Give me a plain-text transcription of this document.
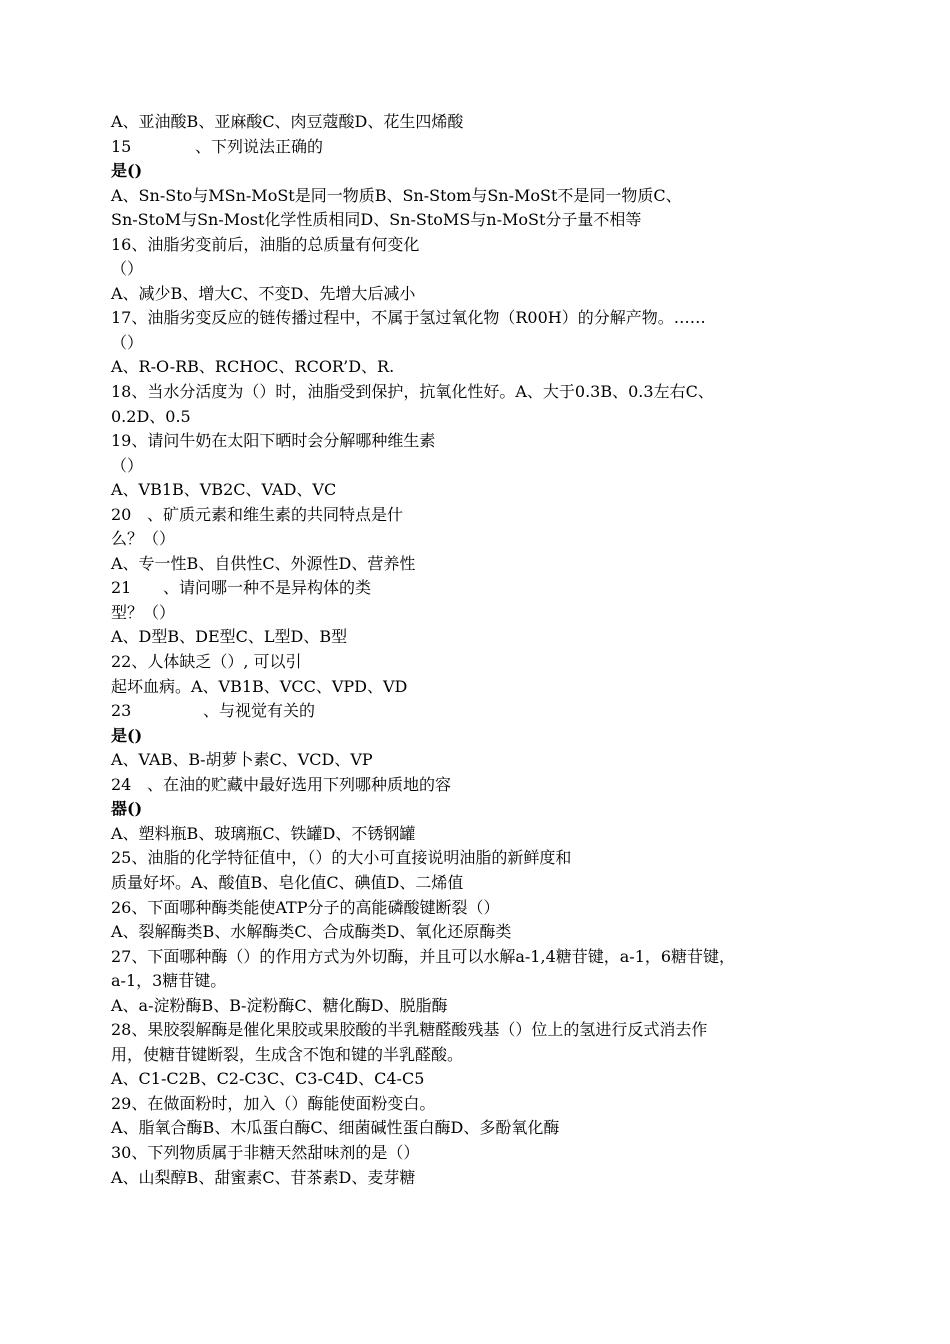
A、亚油酸B、亚麻酸C、肉豆蔻酸D、花生四烯酸
15	、下列说法正确的
是()
A、Sn-Sto与MSn-MoSt是同一物质B、Sn-Stom与Sn-MoSt不是同一物质C、
Sn-StoM与Sn-Most化学性质相同D、Sn-StoMS与n-MoSt分子量不相等
16、油脂劣变前后，油脂的总质量有何变化
（）
A、减少B、增大C、不变D、先增大后减小
17、油脂劣变反应的链传播过程中，不属于氢过氧化物（R00H）的分解产物。……
（）
A、R-O-RB、RCHOC、RCOR’D、R.
18、当水分活度为（）时，油脂受到保护，抗氧化性好。A、大于0.3B、0.3左右C、
0.2D、0.5
19、请问牛奶在太阳下晒时会分解哪种维生素
（）
A、VB1B、VB2C、VAD、VC
20 、矿质元素和维生素的共同特点是什
么？（）
A、专一性B、自供性C、外源性D、营养性
21 、请问哪一种不是异构体的类
型？（）
A、D型B、DE型C、L型D、B型
22、人体缺乏（）, 可以引
起坏血病。A、VB1B、VCC、VPD、VD
23	、与视觉有关的
是()
A、VAB、Β-胡萝卜素C、VCD、VP
24 、在油的贮藏中最好选用下列哪种质地的容
器()
A、塑料瓶B、玻璃瓶C、铁罐D、不锈钢罐
25、油脂的化学特征值中，（）的大小可直接说明油脂的新鲜度和
质量好坏。A、酸值B、皂化值C、碘值D、二烯值
26、下面哪种酶类能使ATP分子的高能磷酸键断裂（）
A、裂解酶类B、水解酶类C、合成酶类D、氧化还原酶类
27、下面哪种酶（）的作用方式为外切酶，并且可以水解a-1,4糖苷键，a-1，6糖苷键，
a-1，3糖苷键。
A、a-淀粉酶B、Β-淀粉酶C、糖化酶D、脱脂酶
28、果胶裂解酶是催化果胶或果胶酸的半乳糖醛酸残基（）位上的氢进行反式消去作
用，使糖苷键断裂，生成含不饱和键的半乳醛酸。
A、C1-C2B、C2-C3C、C3-C4D、C4-C5
29、在做面粉时，加入（）酶能使面粉变白。
A、脂氧合酶B、木瓜蛋白酶C、细菌碱性蛋白酶D、多酚氧化酶
30、下列物质属于非糖天然甜味剂的是（）
A、山梨醇B、甜蜜素C、苷茶素D、麦芽糖
